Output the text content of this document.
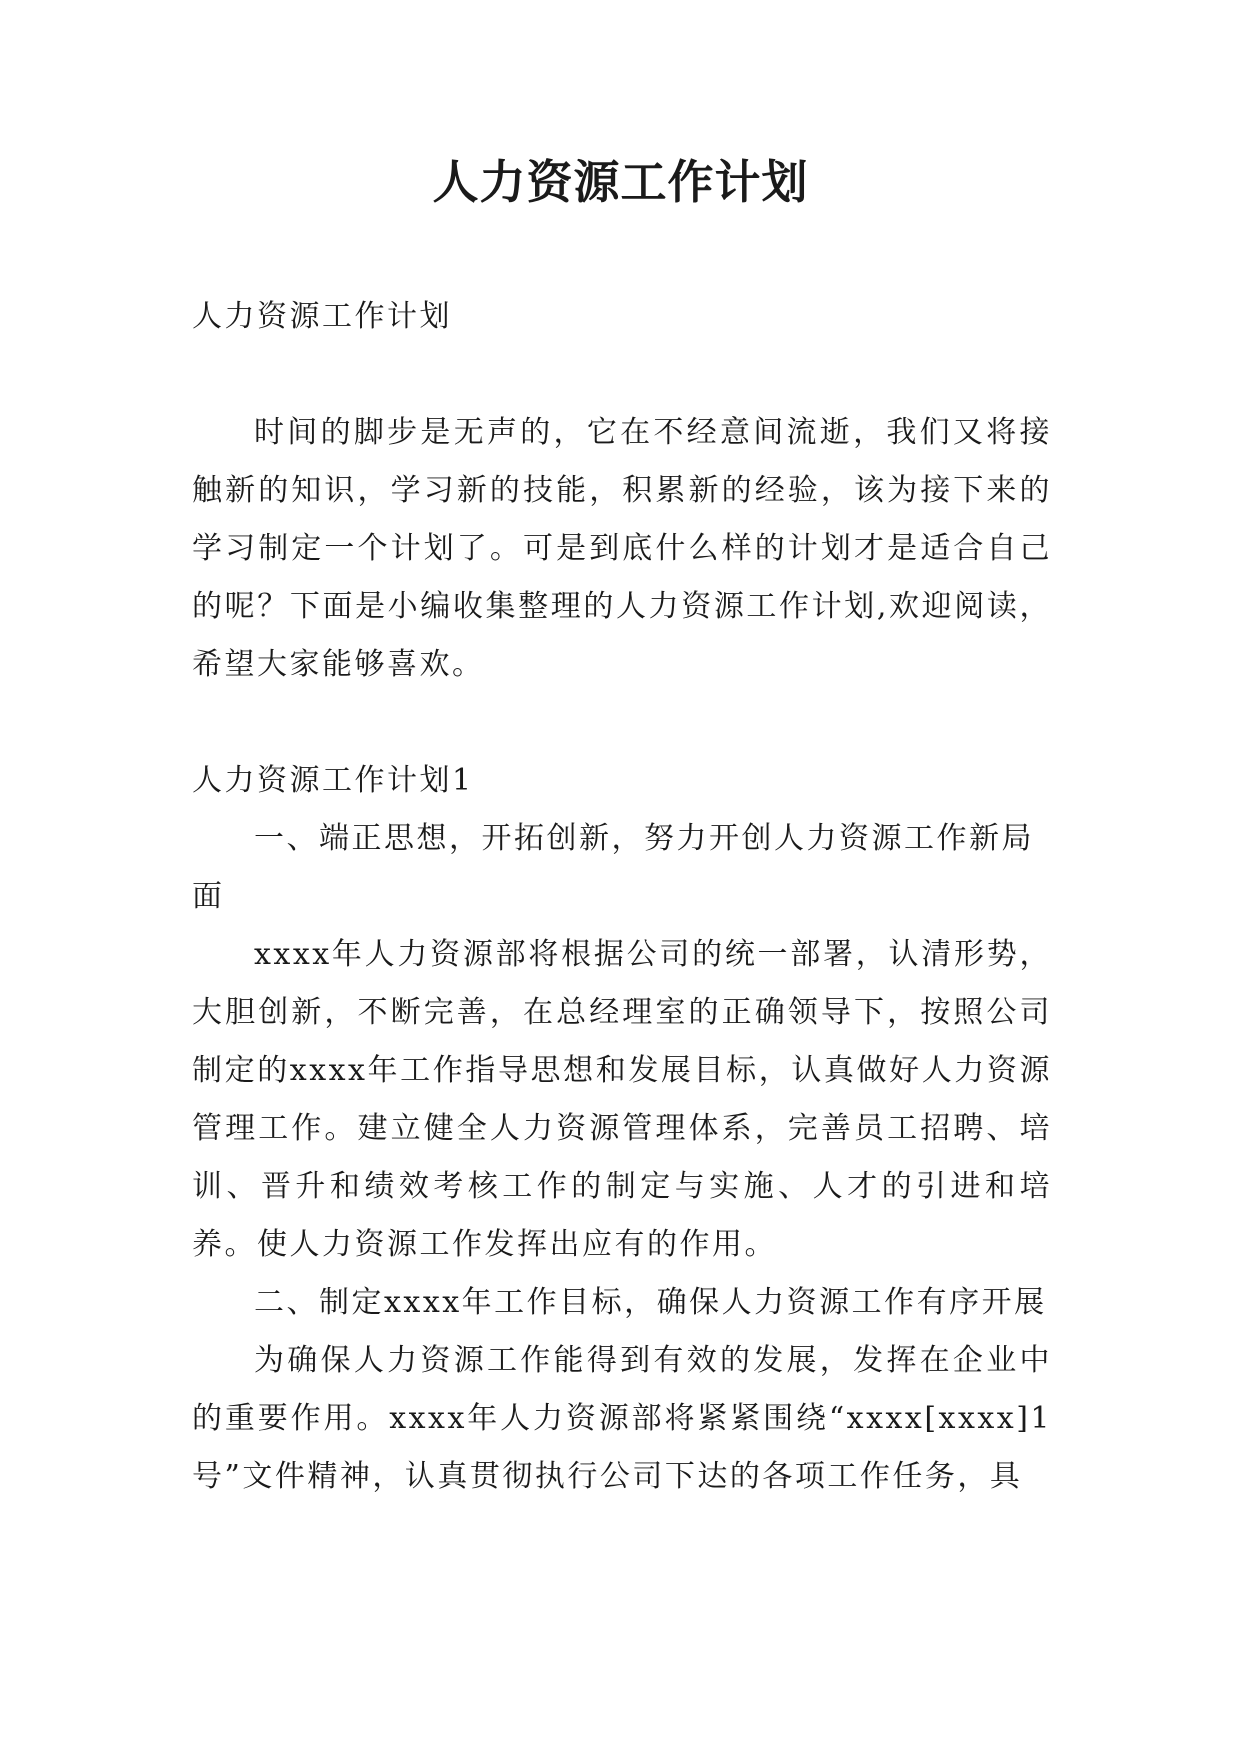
人力资源工作计划

人力资源工作计划

时间的脚步是无声的，它在不经意间流逝，我们又将接触新的知识，学习新的技能，积累新的经验，该为接下来的学习制定一个计划了。可是到底什么样的计划才是适合自己的呢？下面是小编收集整理的人力资源工作计划,欢迎阅读，希望大家能够喜欢。

人力资源工作计划1

一、端正思想，开拓创新，努力开创人力资源工作新局面

xxxx年人力资源部将根据公司的统一部署，认清形势，大胆创新，不断完善，在总经理室的正确领导下，按照公司制定的xxxx年工作指导思想和发展目标，认真做好人力资源管理工作。建立健全人力资源管理体系，完善员工招聘、培训、晋升和绩效考核工作的制定与实施、人才的引进和培养。使人力资源工作发挥出应有的作用。

二、制定xxxx年工作目标，确保人力资源工作有序开展

为确保人力资源工作能得到有效的发展，发挥在企业中的重要作用。xxxx年人力资源部将紧紧围绕“xxxx[xxxx]1号”文件精神，认真贯彻执行公司下达的各项工作任务，具
